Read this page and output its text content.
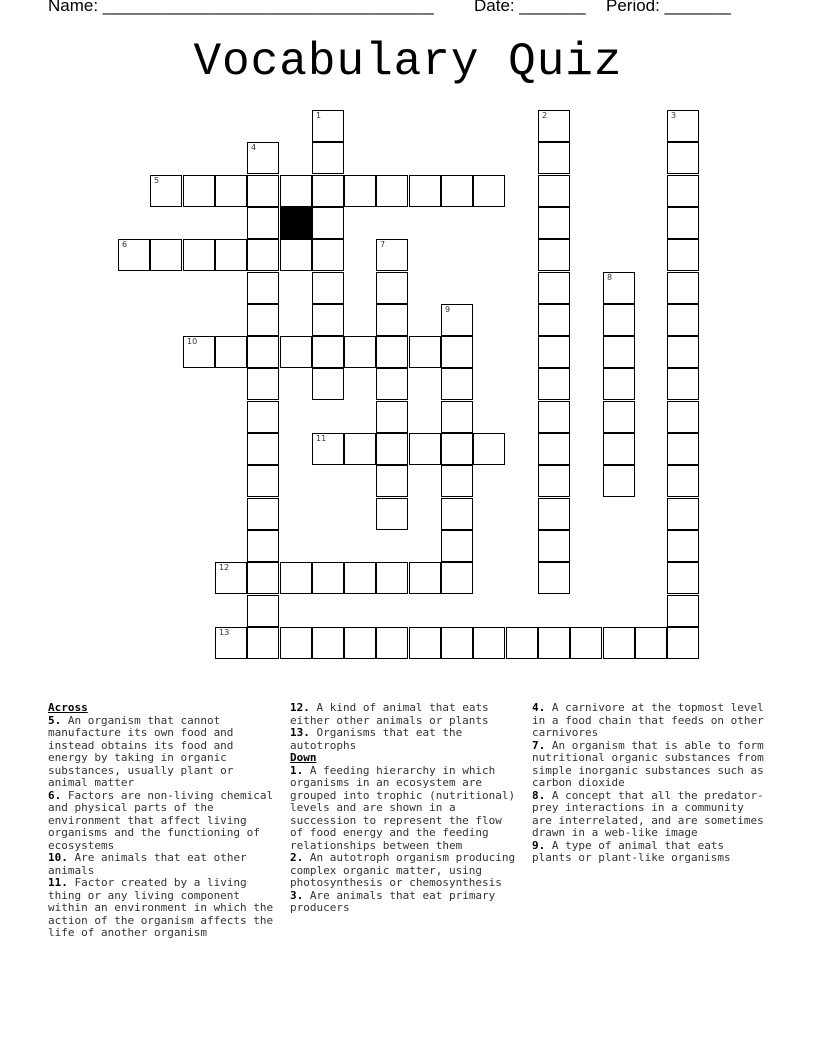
Name: ___________________________________ Date: _______ Period: _______
Vocabulary Quiz
1	2	3
4
5
6	7
8
9
10
11
12
13
Across
5. An organism that cannot manufacture its own food and instead obtains its food and energy by taking in organic substances, usually plant or animal matter
6. Factors are non-living chemical and physical parts of the environment that affect living organisms and the functioning of ecosystems
10. Are animals that eat other animals
11. Factor created by a living thing or any living component within an environment in which the action of the organism affects the life of another organism
12. A kind of animal that eats either other animals or plants
13. Organisms that eat the autotrophs
Down
1. A feeding hierarchy in which organisms in an ecosystem are grouped into trophic (nutritional) levels and are shown in a succession to represent the flow of food energy and the feeding relationships between them
2. An autotroph organism producing complex organic matter, using photosynthesis or chemosynthesis
3. Are animals that eat primary producers
4. A carnivore at the topmost level in a food chain that feeds on other carnivores
7. An organism that is able to form nutritional organic substances from simple inorganic substances such as carbon dioxide
8. A concept that all the predator-prey interactions in a community are interrelated, and are sometimes drawn in a web-like image
9. A type of animal that eats plants or plant-like organisms
